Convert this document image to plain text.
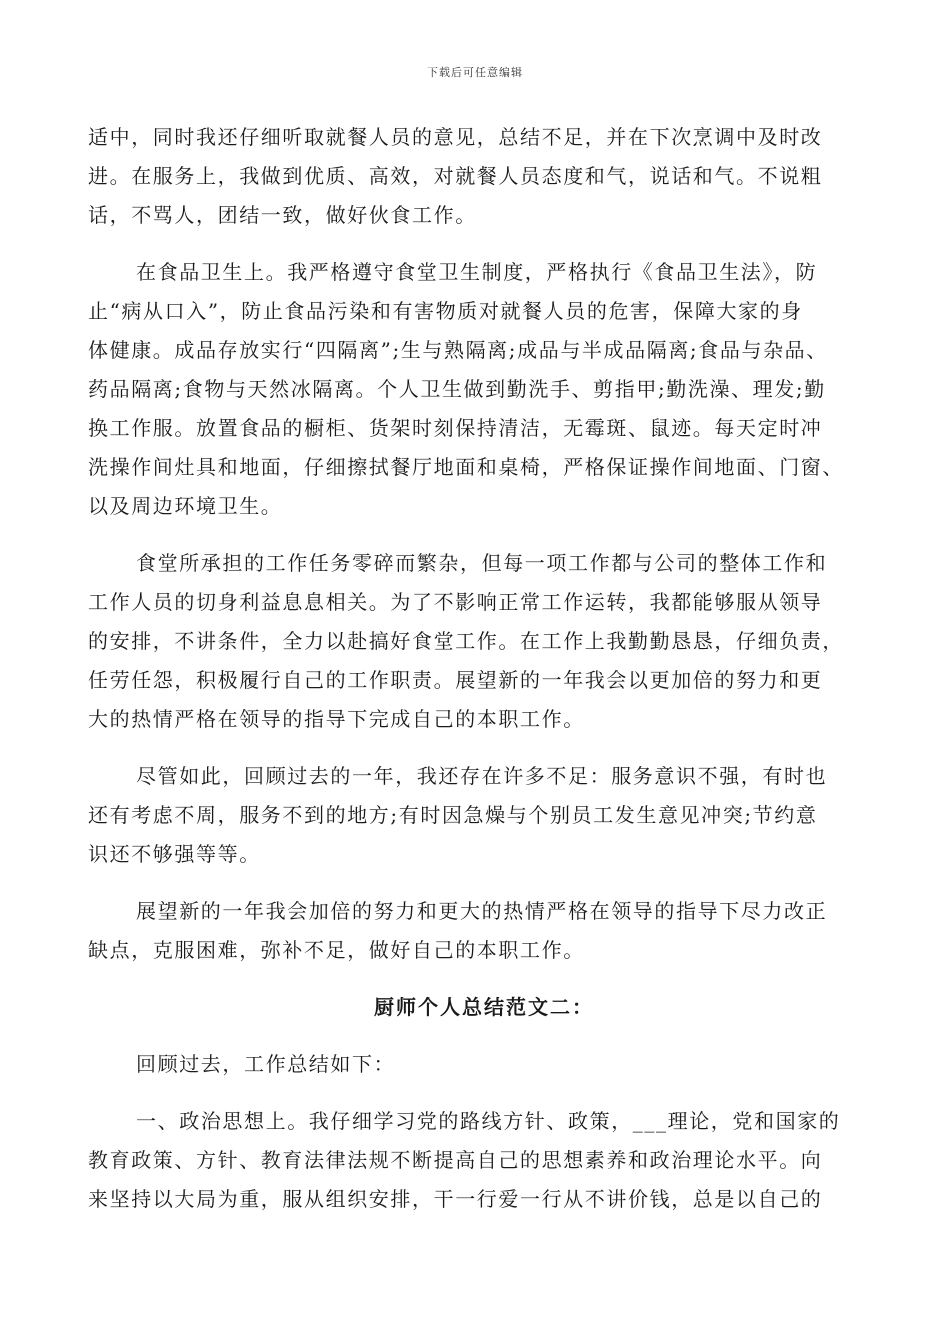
下载后可任意编辑
适中，同时我还仔细听取就餐人员的意见，总结不足，并在下次烹调中及时改
进。在服务上，我做到优质、高效，对就餐人员态度和气，说话和气。不说粗
话，不骂人，团结一致，做好伙食工作。
在食品卫生上。我严格遵守食堂卫生制度，严格执行《食品卫生法》，防
止“病从口入”，防止食品污染和有害物质对就餐人员的危害，保障大家的身
体健康。成品存放实行“四隔离”;生与熟隔离;成品与半成品隔离;食品与杂品、
药品隔离;食物与天然冰隔离。个人卫生做到勤洗手、剪指甲;勤洗澡、理发;勤
换工作服。放置食品的橱柜、货架时刻保持清洁，无霉斑、鼠迹。每天定时冲
洗操作间灶具和地面，仔细擦拭餐厅地面和桌椅，严格保证操作间地面、门窗、
以及周边环境卫生。
食堂所承担的工作任务零碎而繁杂，但每一项工作都与公司的整体工作和
工作人员的切身利益息息相关。为了不影响正常工作运转，我都能够服从领导
的安排，不讲条件，全力以赴搞好食堂工作。在工作上我勤勤恳恳，仔细负责，
任劳任怨，积极履行自己的工作职责。展望新的一年我会以更加倍的努力和更
大的热情严格在领导的指导下完成自己的本职工作。
尽管如此，回顾过去的一年，我还存在许多不足：服务意识不强，有时也
还有考虑不周，服务不到的地方;有时因急燥与个别员工发生意见冲突;节约意
识还不够强等等。
展望新的一年我会加倍的努力和更大的热情严格在领导的指导下尽力改正
缺点，克服困难，弥补不足，做好自己的本职工作。
厨师个人总结范文二：
回顾过去，工作总结如下：
一、政治思想上。我仔细学习党的路线方针、政策，___理论，党和国家的
教育政策、方针、教育法律法规不断提高自己的思想素养和政治理论水平。向
来坚持以大局为重，服从组织安排，干一行爱一行从不讲价钱，总是以自己的
